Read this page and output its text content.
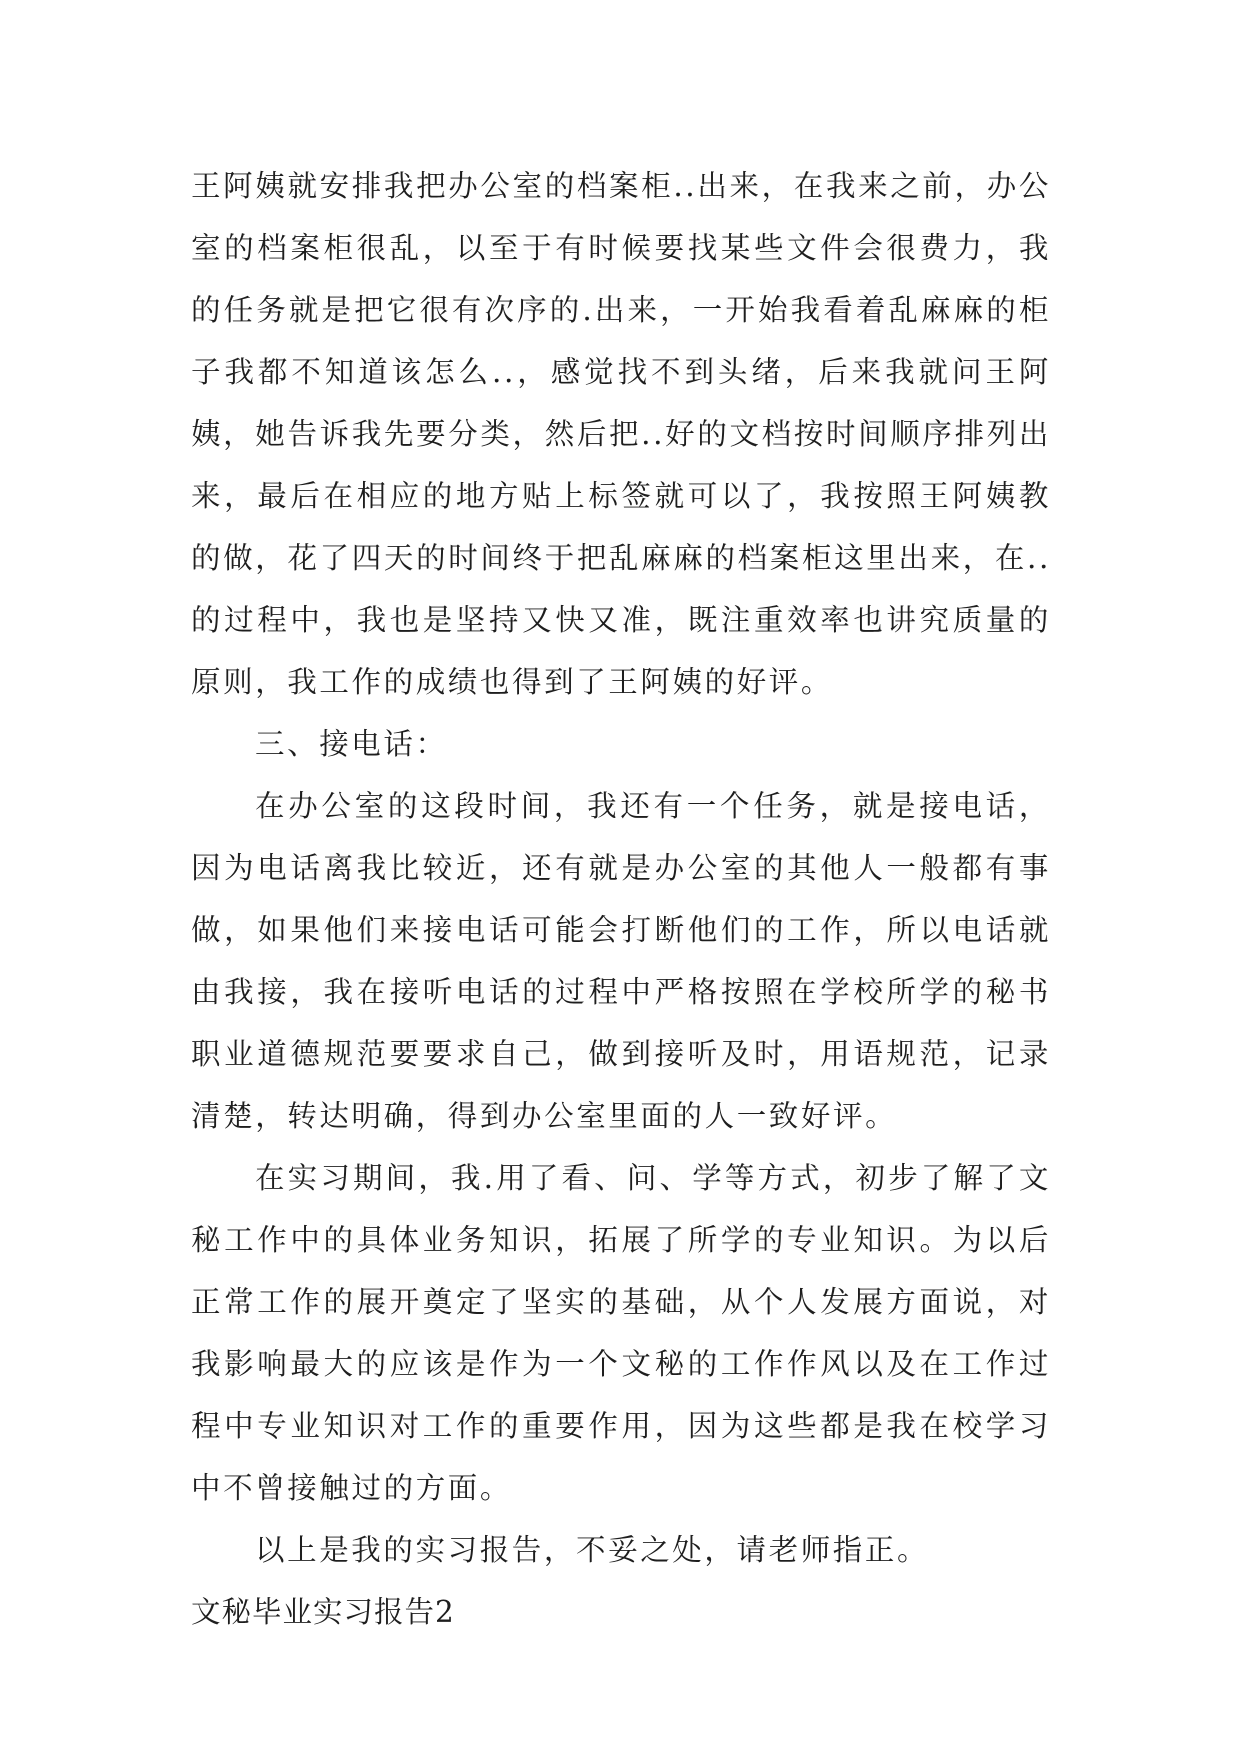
王阿姨就安排我把办公室的档案柜..出来，在我来之前，办公室的档案柜很乱，以至于有时候要找某些文件会很费力，我的任务就是把它很有次序的.出来，一开始我看着乱麻麻的柜子我都不知道该怎么..，感觉找不到头绪，后来我就问王阿姨，她告诉我先要分类，然后把..好的文档按时间顺序排列出来，最后在相应的地方贴上标签就可以了，我按照王阿姨教的做，花了四天的时间终于把乱麻麻的档案柜这里出来，在..的过程中，我也是坚持又快又准，既注重效率也讲究质量的原则，我工作的成绩也得到了王阿姨的好评。

三、接电话：

在办公室的这段时间，我还有一个任务，就是接电话，因为电话离我比较近，还有就是办公室的其他人一般都有事做，如果他们来接电话可能会打断他们的工作，所以电话就由我接，我在接听电话的过程中严格按照在学校所学的秘书职业道德规范要要求自己，做到接听及时，用语规范，记录清楚，转达明确，得到办公室里面的人一致好评。

在实习期间，我.用了看、问、学等方式，初步了解了文秘工作中的具体业务知识，拓展了所学的专业知识。为以后正常工作的展开奠定了坚实的基础，从个人发展方面说，对我影响最大的应该是作为一个文秘的工作作风以及在工作过程中专业知识对工作的重要作用，因为这些都是我在校学习中不曾接触过的方面。

以上是我的实习报告，不妥之处，请老师指正。

文秘毕业实习报告2
